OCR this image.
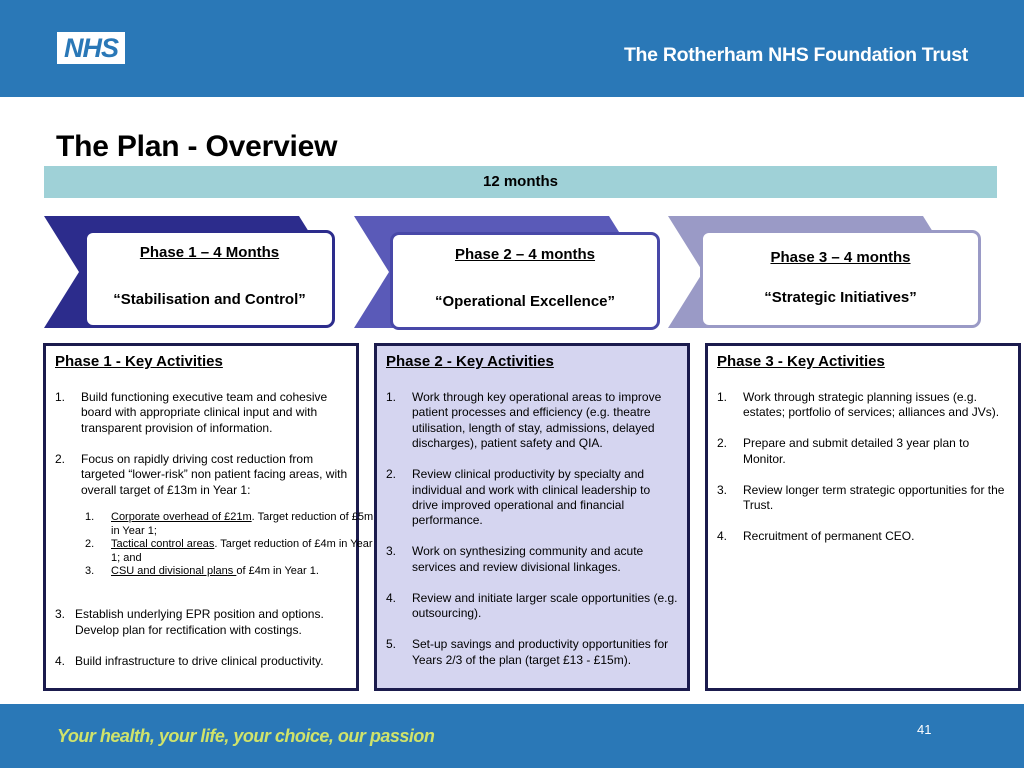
NHS	The Rotherham NHS Foundation Trust
The Plan - Overview
12 months
Phase 1 – 4 Months
“Stabilisation and Control”
Phase 2 – 4 months
“Operational Excellence”
Phase 3 – 4 months
“Strategic Initiatives”
Phase 1 - Key Activities
1.	Build functioning executive team and cohesive board with appropriate clinical input and with transparent provision of information.
2.	Focus on rapidly driving cost reduction from targeted “lower-risk” non patient facing areas, with overall target of £13m in Year 1:
1.	Corporate overhead of £21m. Target reduction of £5m in Year 1;
2.	Tactical control areas. Target reduction of £4m in Year 1; and
3.	CSU and divisional plans of £4m in Year 1.
3. Establish underlying EPR position and options. Develop plan for rectification with costings.
4. Build infrastructure to drive clinical productivity.
Phase 2 - Key Activities
1.	Work through key operational areas to improve patient processes and efficiency (e.g. theatre utilisation, length of stay, admissions, delayed discharges), patient safety and QIA.
2.	Review clinical productivity by specialty and individual and work with clinical leadership to drive improved operational and financial performance.
3.	Work on synthesizing community and acute services and review divisional linkages.
4.	Review and initiate larger scale opportunities (e.g. outsourcing).
5.	Set-up savings and productivity opportunities for Years 2/3 of the plan (target £13 - £15m).
Phase 3 - Key Activities
1.	Work through strategic planning issues (e.g. estates; portfolio of services; alliances and JVs).
2.	Prepare and submit detailed 3 year plan to Monitor.
3.	Review longer term strategic opportunities for the Trust.
4.	Recruitment of permanent CEO.
Your health, your life, your choice, our passion	41
